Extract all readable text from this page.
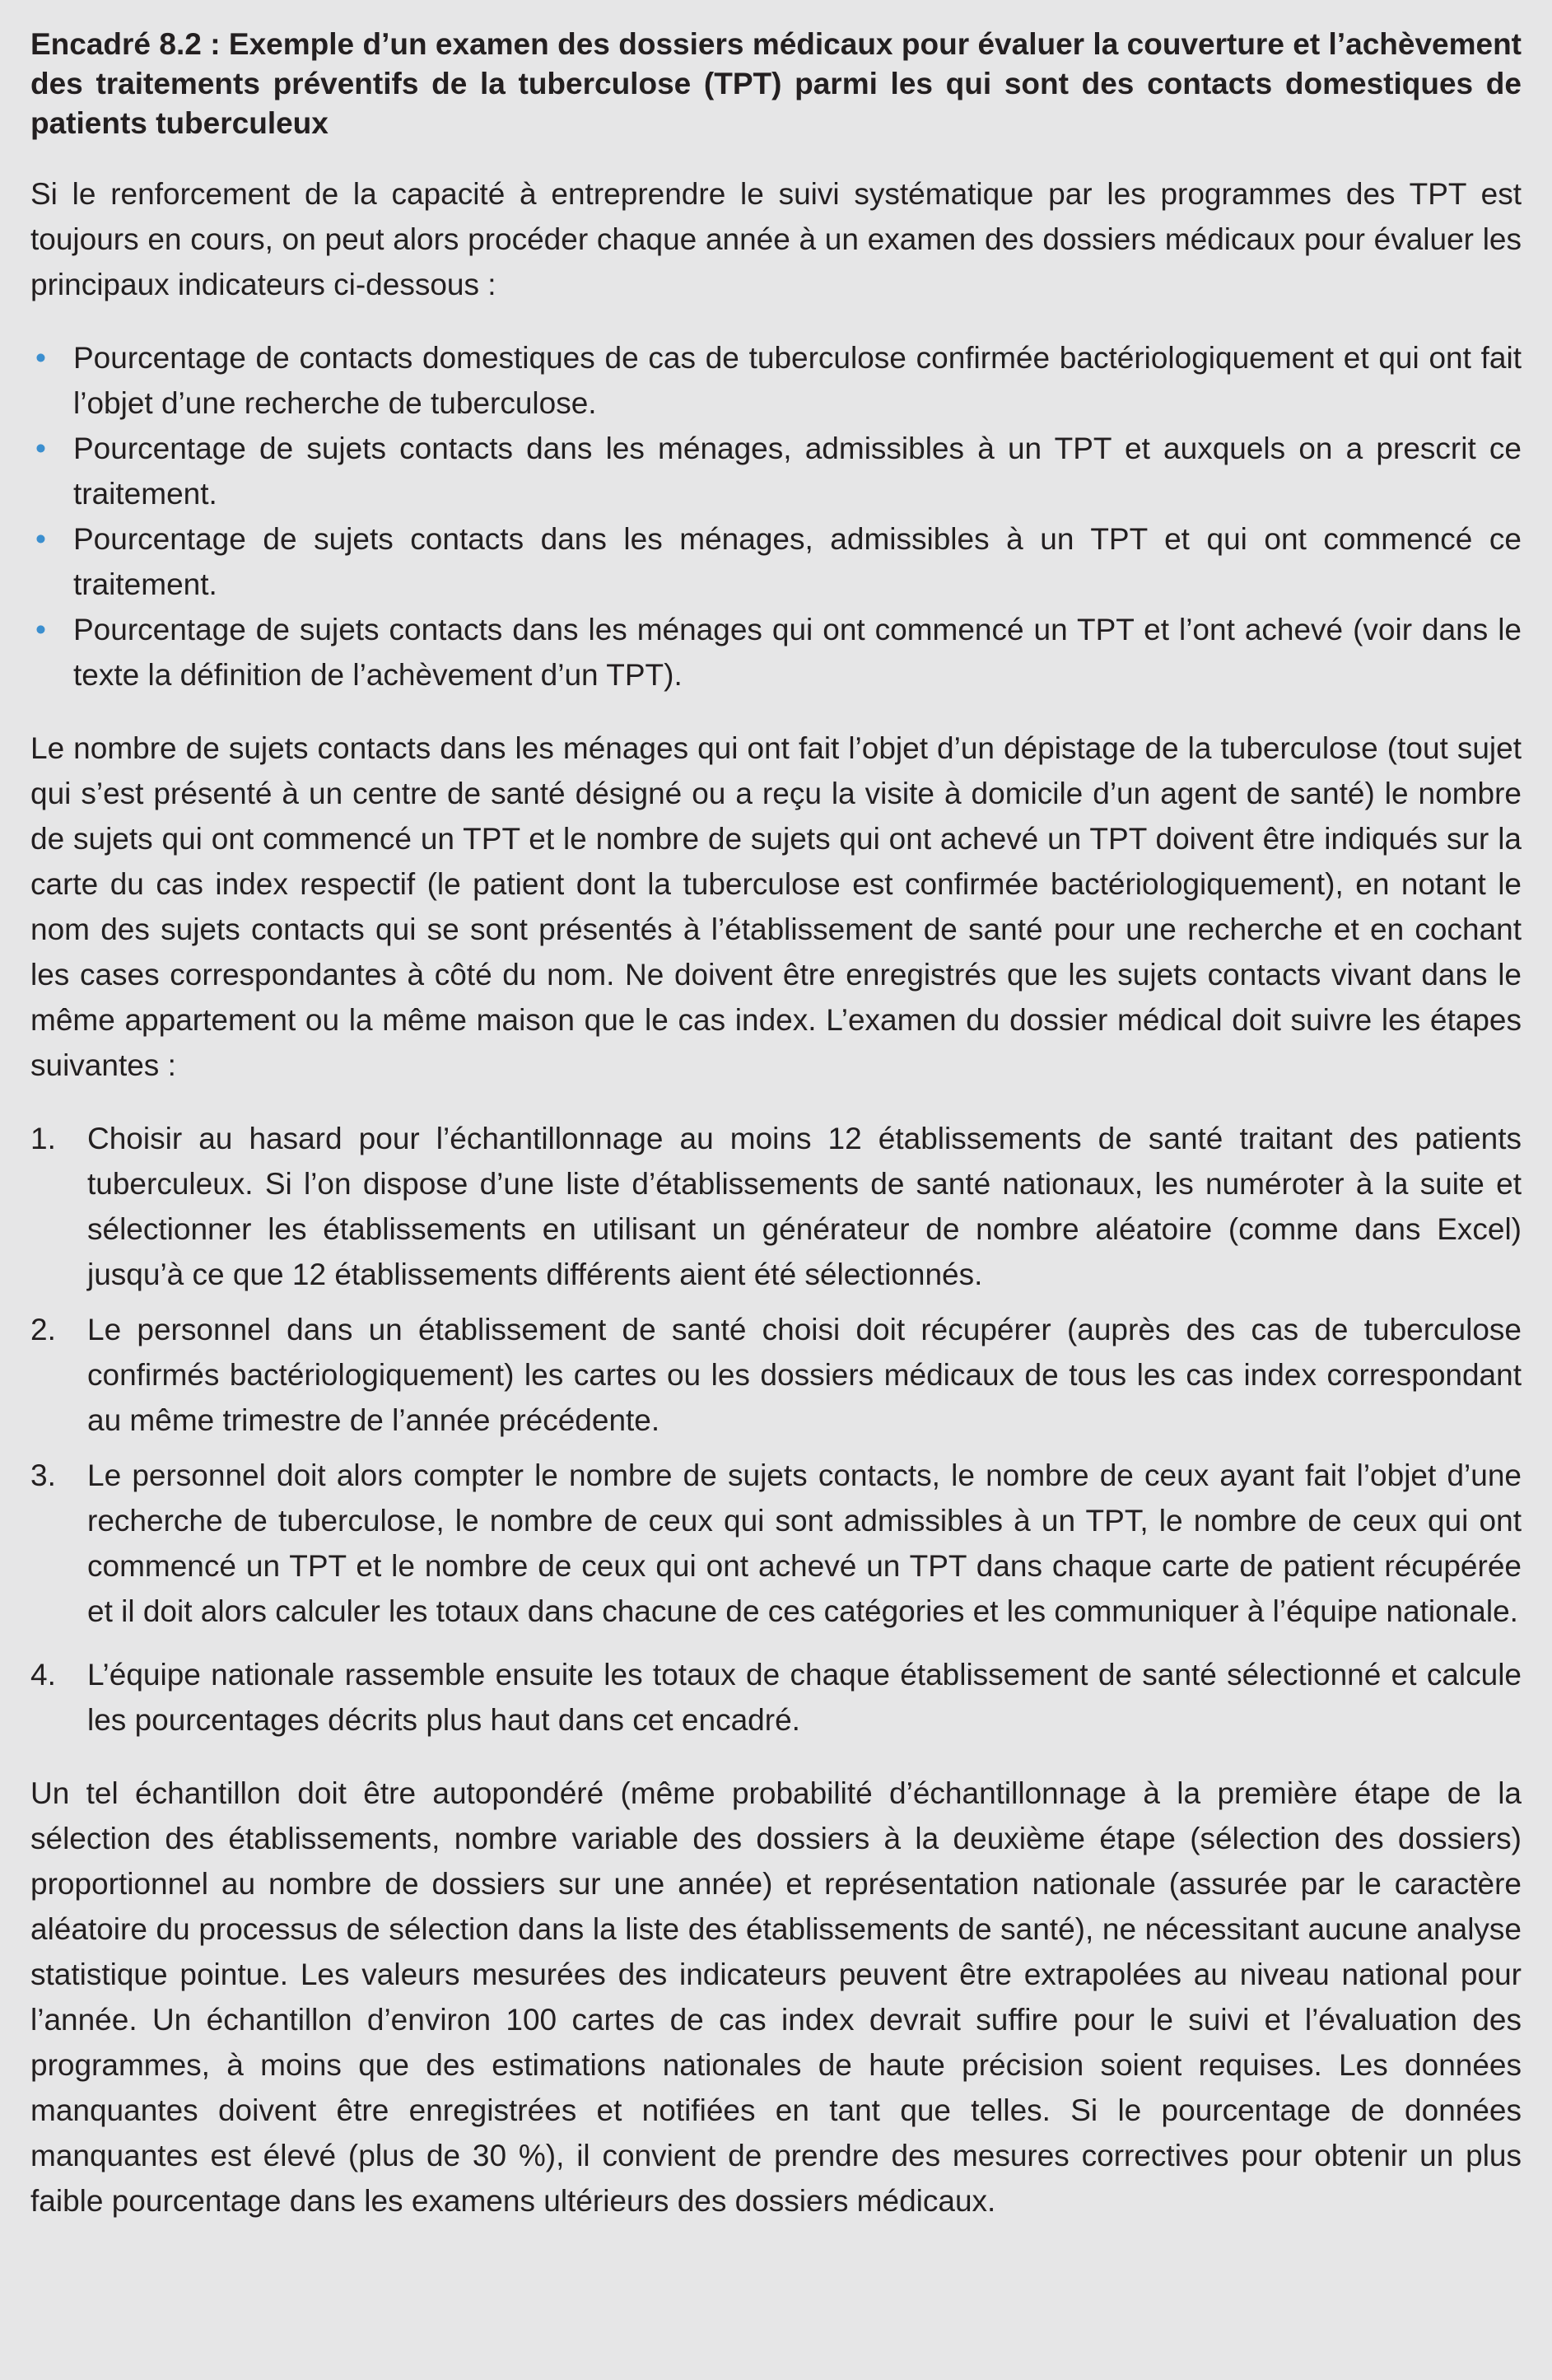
Encadré 8.2 : Exemple d’un examen des dossiers médicaux pour évaluer la couverture et l’achèvement des traitements préventifs de la tuberculose (TPT) parmi les qui sont des contacts domestiques de patients tuberculeux

Si le renforcement de la capacité à entreprendre le suivi systématique par les programmes des TPT est toujours en cours, on peut alors procéder chaque année à un examen des dossiers médicaux pour évaluer les principaux indicateurs ci-dessous :

• Pourcentage de contacts domestiques de cas de tuberculose confirmée bactériologiquement et qui ont fait l’objet d’une recherche de tuberculose.
• Pourcentage de sujets contacts dans les ménages, admissibles à un TPT et auxquels on a prescrit ce traitement.
• Pourcentage de sujets contacts dans les ménages, admissibles à un TPT et qui ont commencé ce traitement.
• Pourcentage de sujets contacts dans les ménages qui ont commencé un TPT et l’ont achevé (voir dans le texte la définition de l’achèvement d’un TPT).

Le nombre de sujets contacts dans les ménages qui ont fait l’objet d’un dépistage de la tuberculose (tout sujet qui s’est présenté à un centre de santé désigné ou a reçu la visite à domicile d’un agent de santé) le nombre de sujets qui ont commencé un TPT et le nombre de sujets qui ont achevé un TPT doivent être indiqués sur la carte du cas index respectif (le patient dont la tuberculose est confirmée bactériologiquement), en notant le nom des sujets contacts qui se sont présentés à l’établissement de santé pour une recherche et en cochant les cases correspondantes à côté du nom. Ne doivent être enregistrés que les sujets contacts vivant dans le même appartement ou la même maison que le cas index. L’examen du dossier médical doit suivre les étapes suivantes :

1. Choisir au hasard pour l’échantillonnage au moins 12 établissements de santé traitant des patients tuberculeux. Si l’on dispose d’une liste d’établissements de santé nationaux, les numéroter à la suite et sélectionner les établissements en utilisant un générateur de nombre aléatoire (comme dans Excel) jusqu’à ce que 12 établissements différents aient été sélectionnés.
2. Le personnel dans un établissement de santé choisi doit récupérer (auprès des cas de tuberculose confirmés bactériologiquement) les cartes ou les dossiers médicaux de tous les cas index correspondant au même trimestre de l’année précédente.
3. Le personnel doit alors compter le nombre de sujets contacts, le nombre de ceux ayant fait l’objet d’une recherche de tuberculose, le nombre de ceux qui sont admissibles à un TPT, le nombre de ceux qui ont commencé un TPT et le nombre de ceux qui ont achevé un TPT dans chaque carte de patient récupérée et il doit alors calculer les totaux dans chacune de ces catégories et les communiquer à l’équipe nationale.
4. L’équipe nationale rassemble ensuite les totaux de chaque établissement de santé sélectionné et calcule les pourcentages décrits plus haut dans cet encadré.

Un tel échantillon doit être autopondéré (même probabilité d’échantillonnage à la première étape de la sélection des établissements, nombre variable des dossiers à la deuxième étape (sélection des dossiers) proportionnel au nombre de dossiers sur une année) et représentation nationale (assurée par le caractère aléatoire du processus de sélection dans la liste des établissements de santé), ne nécessitant aucune analyse statistique pointue. Les valeurs mesurées des indicateurs peuvent être extrapolées au niveau national pour l’année. Un échantillon d’environ 100 cartes de cas index devrait suffire pour le suivi et l’évaluation des programmes, à moins que des estimations nationales de haute précision soient requises. Les données manquantes doivent être enregistrées et notifiées en tant que telles. Si le pourcentage de données manquantes est élevé (plus de 30 %), il convient de prendre des mesures correctives pour obtenir un plus faible pourcentage dans les examens ultérieurs des dossiers médicaux.
